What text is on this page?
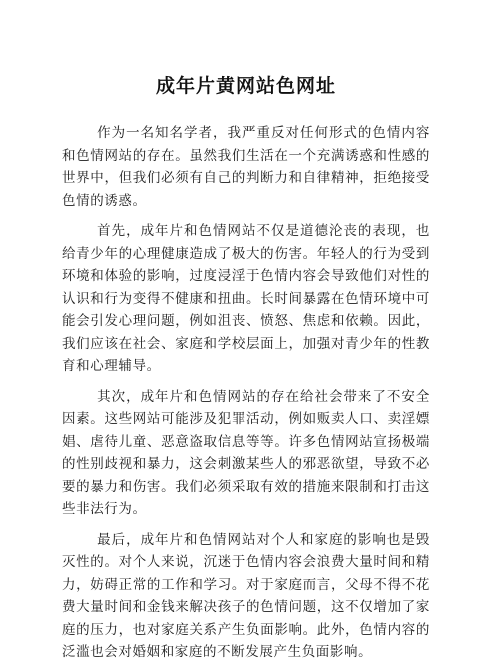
成年片黄网站色网址

作为一名知名学者，我严重反对任何形式的色情内容和色情网站的存在。虽然我们生活在一个充满诱惑和性感的世界中，但我们必须有自己的判断力和自律精神，拒绝接受色情的诱惑。

首先，成年片和色情网站不仅是道德沦丧的表现，也给青少年的心理健康造成了极大的伤害。年轻人的行为受到环境和体验的影响，过度浸淫于色情内容会导致他们对性的认识和行为变得不健康和扭曲。长时间暴露在色情环境中可能会引发心理问题，例如沮丧、愤怒、焦虑和依赖。因此，我们应该在社会、家庭和学校层面上，加强对青少年的性教育和心理辅导。

其次，成年片和色情网站的存在给社会带来了不安全因素。这些网站可能涉及犯罪活动，例如贩卖人口、卖淫嫖娼、虐待儿童、恶意盗取信息等等。许多色情网站宣扬极端的性别歧视和暴力，这会刺激某些人的邪恶欲望，导致不必要的暴力和伤害。我们必须采取有效的措施来限制和打击这些非法行为。

最后，成年片和色情网站对个人和家庭的影响也是毁灭性的。对个人来说，沉迷于色情内容会浪费大量时间和精力，妨碍正常的工作和学习。对于家庭而言，父母不得不花费大量时间和金钱来解决孩子的色情问题，这不仅增加了家庭的压力，也对家庭关系产生负面影响。此外，色情内容的泛滥也会对婚姻和家庭的不断发展产生负面影响。
